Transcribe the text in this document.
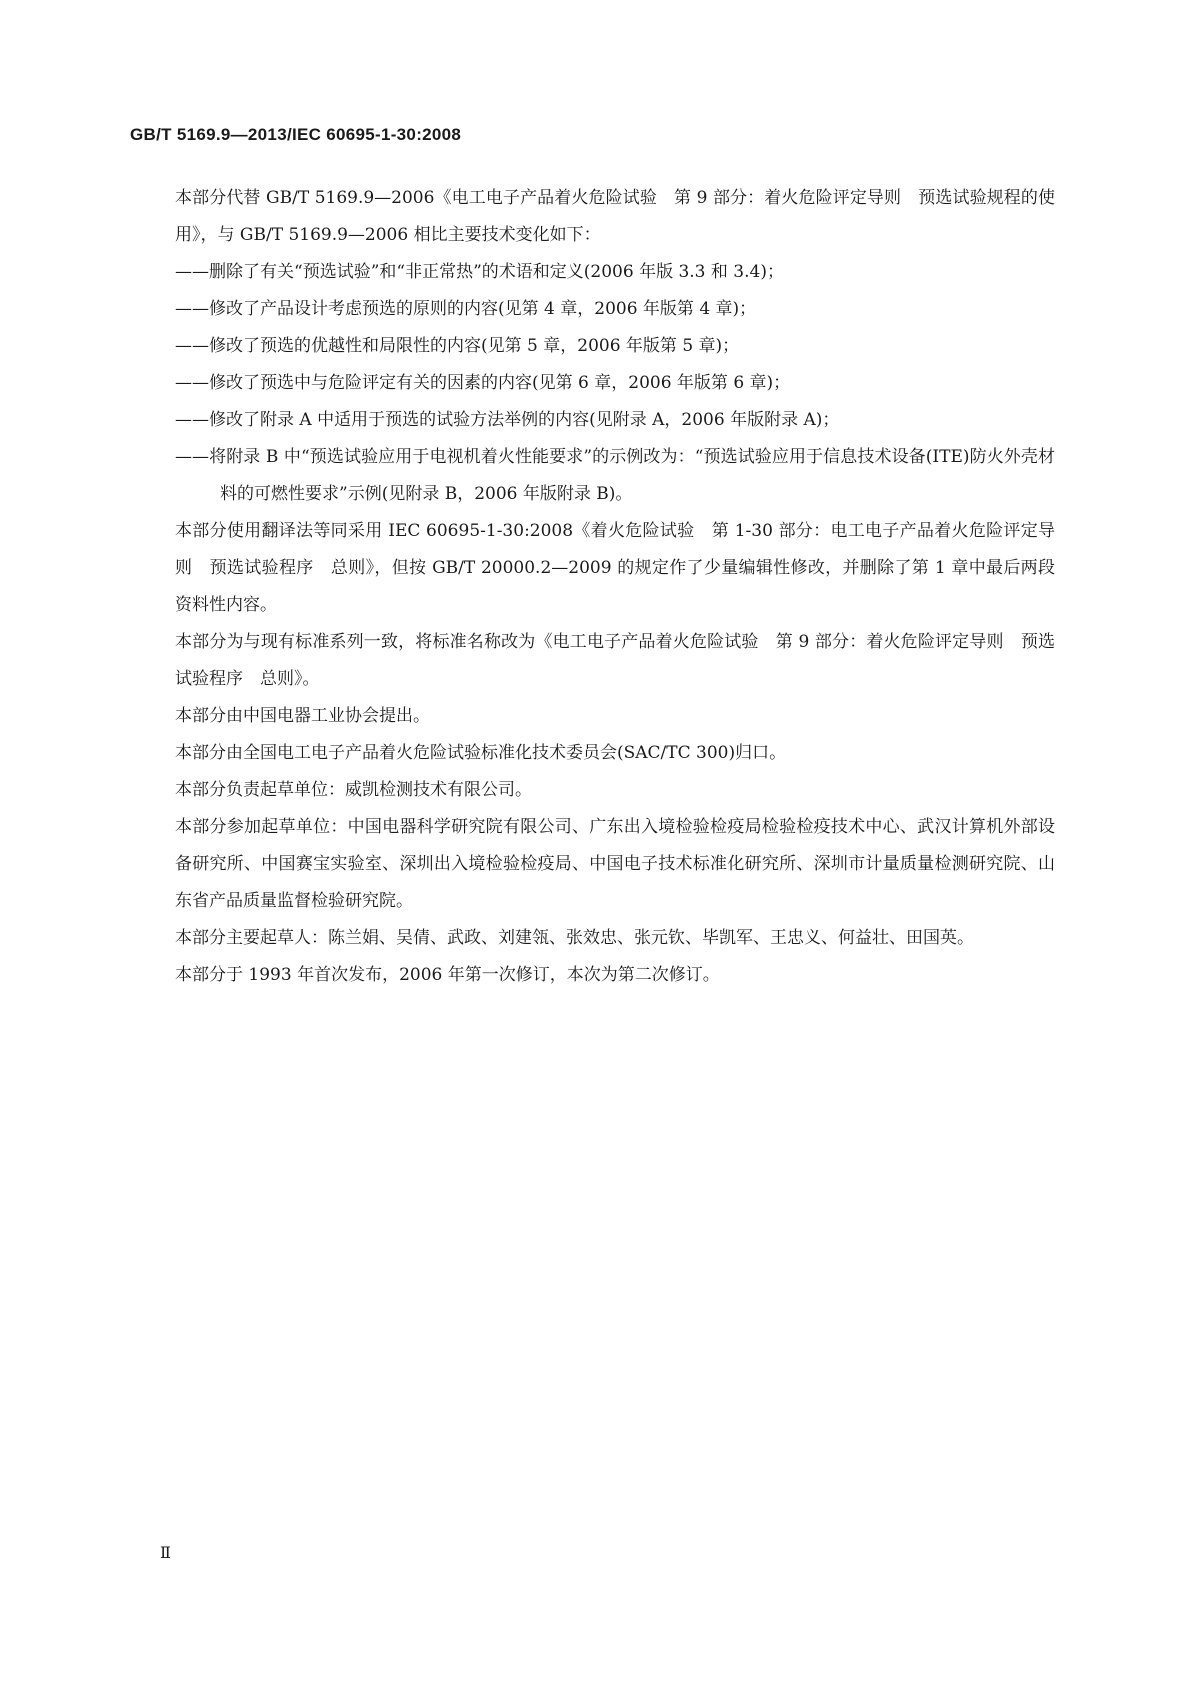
GB/T 5169.9—2013/IEC 60695-1-30:2008

本部分代替 GB/T 5169.9—2006《电工电子产品着火危险试验　第 9 部分：着火危险评定导则　预选试验规程的使用》，与 GB/T 5169.9—2006 相比主要技术变化如下：

——删除了有关“预选试验”和“非正常热”的术语和定义(2006 年版 3.3 和 3.4)；
——修改了产品设计考虑预选的原则的内容(见第 4 章，2006 年版第 4 章)；
——修改了预选的优越性和局限性的内容(见第 5 章，2006 年版第 5 章)；
——修改了预选中与危险评定有关的因素的内容(见第 6 章，2006 年版第 6 章)；
——修改了附录 A 中适用于预选的试验方法举例的内容(见附录 A，2006 年版附录 A)；
——将附录 B 中“预选试验应用于电视机着火性能要求”的示例改为：“预选试验应用于信息技术设备(ITE)防火外壳材料的可燃性要求”示例(见附录 B，2006 年版附录 B)。

本部分使用翻译法等同采用 IEC 60695-1-30:2008《着火危险试验　第 1-30 部分：电工电子产品着火危险评定导则　预选试验程序　总则》，但按 GB/T 20000.2—2009 的规定作了少量编辑性修改，并删除了第 1 章中最后两段资料性内容。

本部分为与现有标准系列一致，将标准名称改为《电工电子产品着火危险试验　第 9 部分：着火危险评定导则　预选试验程序　总则》。

本部分由中国电器工业协会提出。

本部分由全国电工电子产品着火危险试验标准化技术委员会(SAC/TC 300)归口。

本部分负责起草单位：威凯检测技术有限公司。

本部分参加起草单位：中国电器科学研究院有限公司、广东出入境检验检疫局检验检疫技术中心、武汉计算机外部设备研究所、中国赛宝实验室、深圳出入境检验检疫局、中国电子技术标准化研究所、深圳市计量质量检测研究院、山东省产品质量监督检验研究院。

本部分主要起草人：陈兰娟、吴倩、武政、刘建瓴、张效忠、张元钦、毕凯军、王忠义、何益壮、田国英。

本部分于 1993 年首次发布，2006 年第一次修订，本次为第二次修订。

Ⅱ
